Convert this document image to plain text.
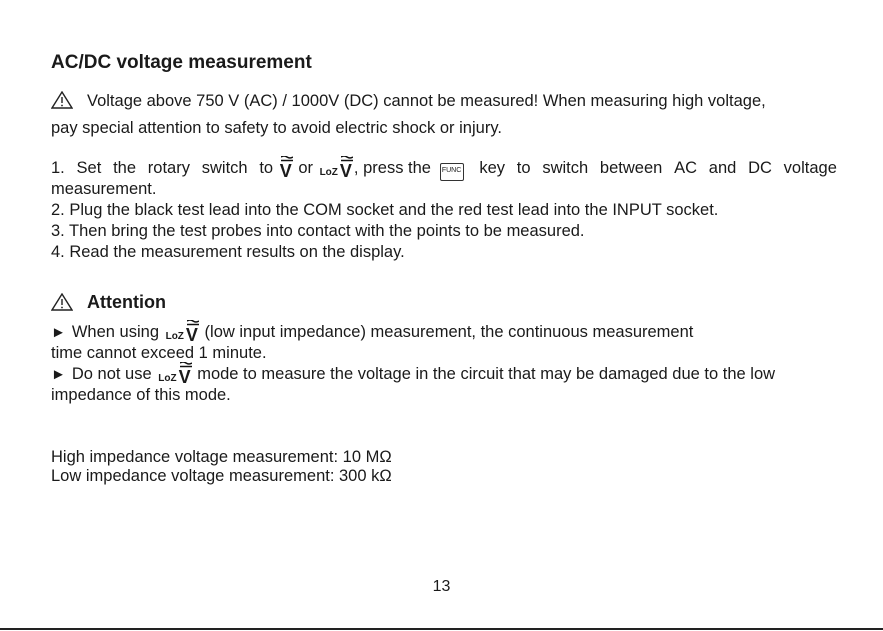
AC/DC voltage measurement
Voltage above 750 V (AC) / 1000V (DC) cannot be measured! When measuring high voltage,
pay special attention to safety to avoid electric shock or injury.
1. Set the rotary switch to V or LoZ V , press the FUNC	key to switch between AC and DC voltage
measurement.
2. Plug the black test lead into the COM socket and the red test lead into the INPUT socket.
3. Then bring the test probes into contact with the points to be measured.
4. Read the measurement results on the display.
Attention
► When using LoZ V (low input impedance) measurement, the continuous measurement
time cannot exceed 1 minute.
► Do not use LoZ V mode to measure the voltage in the circuit that may be damaged due to the low
impedance of this mode.
High impedance voltage measurement: 10 MΩ
Low impedance voltage measurement: 300 kΩ
13
